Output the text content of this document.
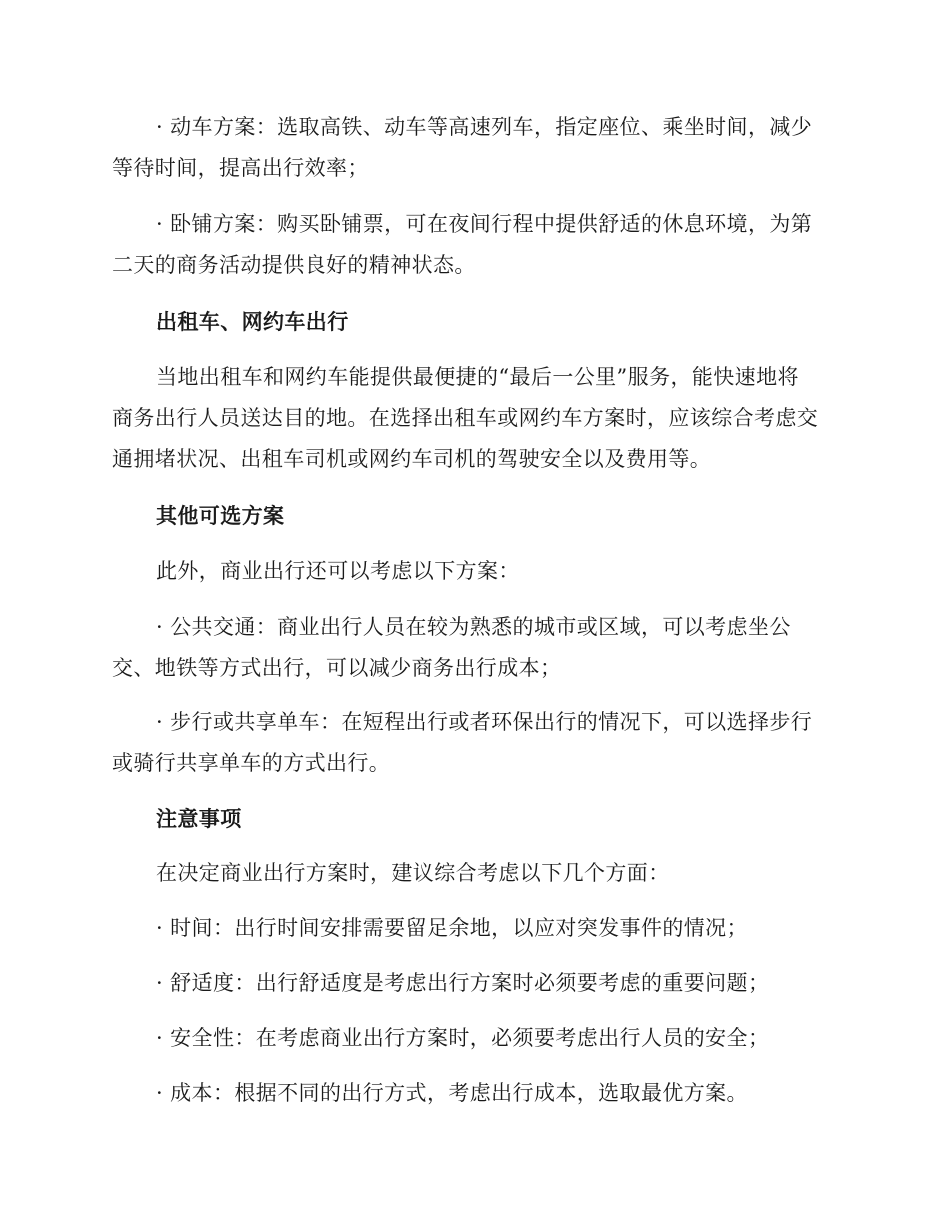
· 动车方案：选取高铁、动车等高速列车，指定座位、乘坐时间，减少
等待时间，提高出行效率；
· 卧铺方案：购买卧铺票，可在夜间行程中提供舒适的休息环境，为第
二天的商务活动提供良好的精神状态。
出租车、网约车出行
当地出租车和网约车能提供最便捷的“最后一公里”服务，能快速地将
商务出行人员送达目的地。在选择出租车或网约车方案时，应该综合考虑交
通拥堵状况、出租车司机或网约车司机的驾驶安全以及费用等。
其他可选方案
此外，商业出行还可以考虑以下方案：
· 公共交通：商业出行人员在较为熟悉的城市或区域，可以考虑坐公
交、地铁等方式出行，可以减少商务出行成本；
· 步行或共享单车：在短程出行或者环保出行的情况下，可以选择步行
或骑行共享单车的方式出行。
注意事项
在决定商业出行方案时，建议综合考虑以下几个方面：
· 时间：出行时间安排需要留足余地，以应对突发事件的情况；
· 舒适度：出行舒适度是考虑出行方案时必须要考虑的重要问题；
· 安全性：在考虑商业出行方案时，必须要考虑出行人员的安全；
· 成本：根据不同的出行方式，考虑出行成本，选取最优方案。
